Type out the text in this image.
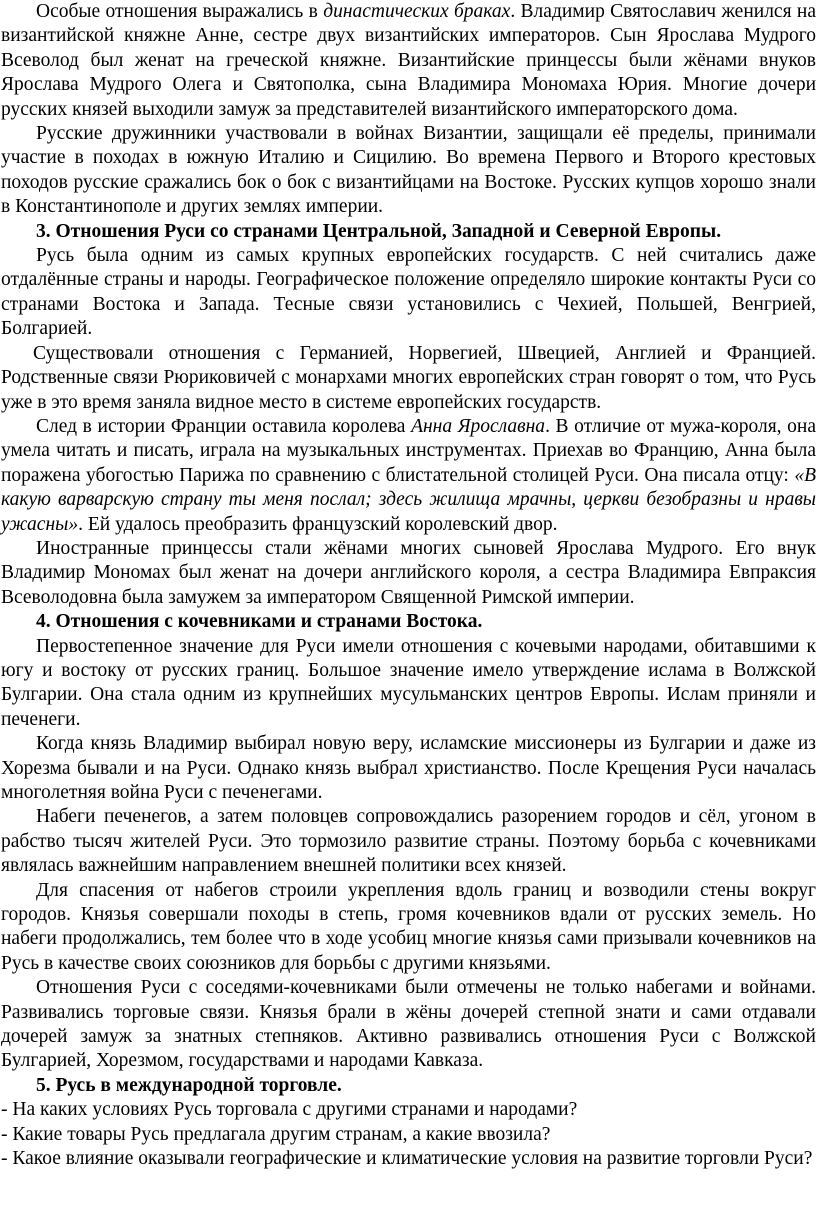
Особые отношения выражались в династических браках. Владимир Святославич женился на византийской княжне Анне, сестре двух византийских императоров. Сын Ярослава Мудрого Всеволод был женат на греческой княжне. Византийские принцессы были жёнами внуков Ярослава Мудрого Олега и Святополка, сына Владимира Мономаха Юрия. Многие дочери русских князей выходили замуж за представителей византийского императорского дома.

Русские дружинники участвовали в войнах Византии, защищали её пределы, принимали участие в походах в южную Италию и Сицилию. Во времена Первого и Второго крестовых походов русские сражались бок о бок с византийцами на Востоке. Русских купцов хорошо знали в Константинополе и других землях империи.

3. Отношения Руси со странами Центральной, Западной и Северной Европы.

Русь была одним из самых крупных европейских государств. С ней считались даже отдалённые страны и народы. Географическое положение определяло широкие контакты Руси со странами Востока и Запада. Тесные связи установились с Чехией, Польшей, Венгрией, Болгарией.

Существовали отношения с Германией, Норвегией, Швецией, Англией и Францией. Родственные связи Рюриковичей с монархами многих европейских стран говорят о том, что Русь уже в это время заняла видное место в системе европейских государств.

След в истории Франции оставила королева Анна Ярославна. В отличие от мужа-короля, она умела читать и писать, играла на музыкальных инструментах. Приехав во Францию, Анна была поражена убогостью Парижа по сравнению с блистательной столицей Руси. Она писала отцу: «В какую варварскую страну ты меня послал; здесь жилища мрачны, церкви безобразны и нравы ужасны». Ей удалось преобразить французский королевский двор.

Иностранные принцессы стали жёнами многих сыновей Ярослава Мудрого. Его внук Владимир Мономах был женат на дочери английского короля, а сестра Владимира Евпраксия Всеволодовна была замужем за императором Священной Римской империи.

4. Отношения с кочевниками и странами Востока.

Первостепенное значение для Руси имели отношения с кочевыми народами, обитавшими к югу и востоку от русских границ. Большое значение имело утверждение ислама в Волжской Булгарии. Она стала одним из крупнейших мусульманских центров Европы. Ислам приняли и печенеги.

Когда князь Владимир выбирал новую веру, исламские миссионеры из Булгарии и даже из Хорезма бывали и на Руси. Однако князь выбрал христианство. После Крещения Руси началась многолетняя война Руси с печенегами.

Набеги печенегов, а затем половцев сопровождались разорением городов и сёл, угоном в рабство тысяч жителей Руси. Это тормозило развитие страны. Поэтому борьба с кочевниками являлась важнейшим направлением внешней политики всех князей.

Для спасения от набегов строили укрепления вдоль границ и возводили стены вокруг городов. Князья совершали походы в степь, громя кочевников вдали от русских земель. Но набеги продолжались, тем более что в ходе усобиц многие князья сами призывали кочевников на Русь в качестве своих союзников для борьбы с другими князьями.

Отношения Руси с соседями-кочевниками были отмечены не только набегами и войнами. Развивались торговые связи. Князья брали в жёны дочерей степной знати и сами отдавали дочерей замуж за знатных степняков. Активно развивались отношения Руси с Волжской Булгарией, Хорезмом, государствами и народами Кавказа.

5. Русь в международной торговле.

- На каких условиях Русь торговала с другими странами и народами?

- Какие товары Русь предлагала другим странам, а какие ввозила?

- Какое влияние оказывали географические и климатические условия на развитие торговли Руси?
